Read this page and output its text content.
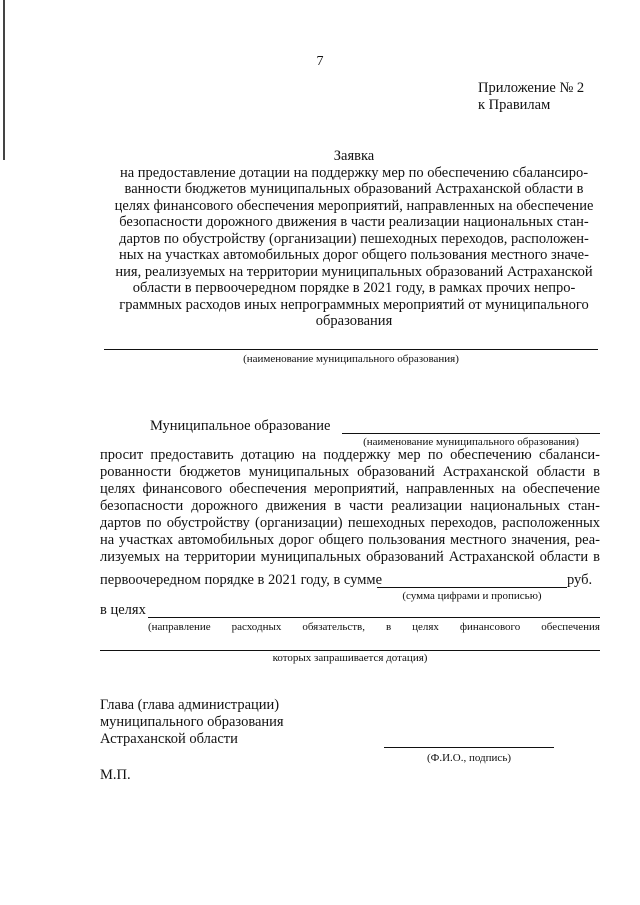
7
Приложение № 2
к Правилам
Заявка
на предоставление дотации на поддержку мер по обеспечению сбалансиро-
ванности бюджетов муниципальных образований Астраханской области в
целях финансового обеспечения мероприятий, направленных на обеспечение
безопасности дорожного движения в части реализации национальных стан-
дартов по обустройству (организации) пешеходных переходов, расположен-
ных на участках автомобильных дорог общего пользования местного значе-
ния, реализуемых на территории муниципальных образований Астраханской
области в первоочередном порядке в 2021 году, в рамках прочих непро-
граммных расходов иных непрограммных мероприятий от муниципального
образования
(наименование муниципального образования)
Муниципальное образование
(наименование муниципального образования)
просит предоставить дотацию на поддержку мер по обеспечению сбаланси-
рованности бюджетов муниципальных образований Астраханской области в
целях финансового обеспечения мероприятий, направленных на обеспечение
безопасности дорожного движения в части реализации национальных стан-
дартов по обустройству (организации) пешеходных переходов, расположенных
на участках автомобильных дорог общего пользования местного значения, реа-
лизуемых на территории муниципальных образований Астраханской области в
первоочередном порядке в 2021 году, в сумме	руб.
(сумма цифрами и прописью)
в целях
(направление расходных обязательств, в целях финансового обеспечения
которых запрашивается дотация)
Глава (глава администрации)
муниципального образования
Астраханской области
(Ф.И.О., подпись)
М.П.
